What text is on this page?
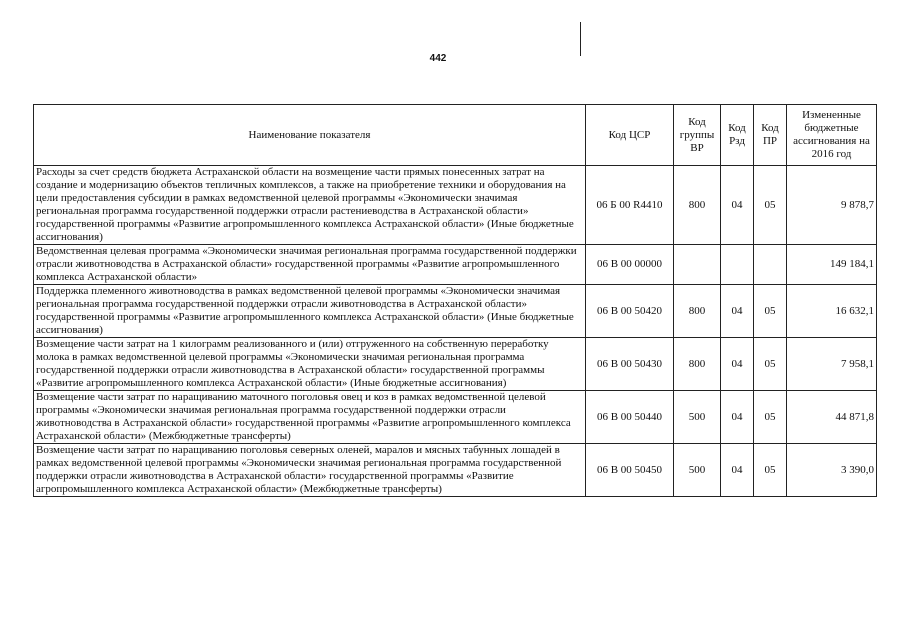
442
Наименование показателя	Код ЦСР	Код группы ВР	Код Рзд	Код ПР	Измененные бюджетные ассигнования на 2016 год
Расходы за счет средств бюджета Астраханской области на возмещение части прямых понесенных затрат на создание и модернизацию объектов тепличных комплексов, а также на приобретение техники и оборудования на цели предоставления субсидии в рамках ведомственной целевой программы «Экономически значимая региональная программа государственной поддержки отрасли растениеводства в Астраханской области» государственной программы «Развитие агропромышленного комплекса Астраханской области» (Иные бюджетные ассигнования)	06 Б 00 R4410	800	04	05	9 878,7
Ведомственная целевая программа «Экономически значимая региональная программа государственной поддержки отрасли животноводства в Астраханской области» государственной программы «Развитие агропромышленного комплекса Астраханской области»	06 В 00 00000				149 184,1
Поддержка племенного животноводства в рамках ведомственной целевой программы «Экономически значимая региональная программа государственной поддержки отрасли животноводства в Астраханской области» государственной программы «Развитие агропромышленного комплекса Астраханской области» (Иные бюджетные ассигнования)	06 В 00 50420	800	04	05	16 632,1
Возмещение части затрат на 1 килограмм реализованного и (или) отгруженного на собственную переработку молока в рамках ведомственной целевой программы «Экономически значимая региональная программа государственной поддержки отрасли животноводства в Астраханской области» государственной программы «Развитие агропромышленного комплекса Астраханской области» (Иные бюджетные ассигнования)	06 В 00 50430	800	04	05	7 958,1
Возмещение части затрат по наращиванию маточного поголовья овец и коз в рамках ведомственной целевой программы «Экономически значимая региональная программа государственной поддержки отрасли животноводства в Астраханской области» государственной программы «Развитие агропромышленного комплекса Астраханской области» (Межбюджетные трансферты)	06 В 00 50440	500	04	05	44 871,8
Возмещение части затрат по наращиванию поголовья северных оленей, маралов и мясных табунных лошадей в рамках ведомственной целевой программы «Экономически значимая региональная программа государственной поддержки отрасли животноводства в Астраханской области» государственной программы «Развитие агропромышленного комплекса Астраханской области» (Межбюджетные трансферты)	06 В 00 50450	500	04	05	3 390,0
